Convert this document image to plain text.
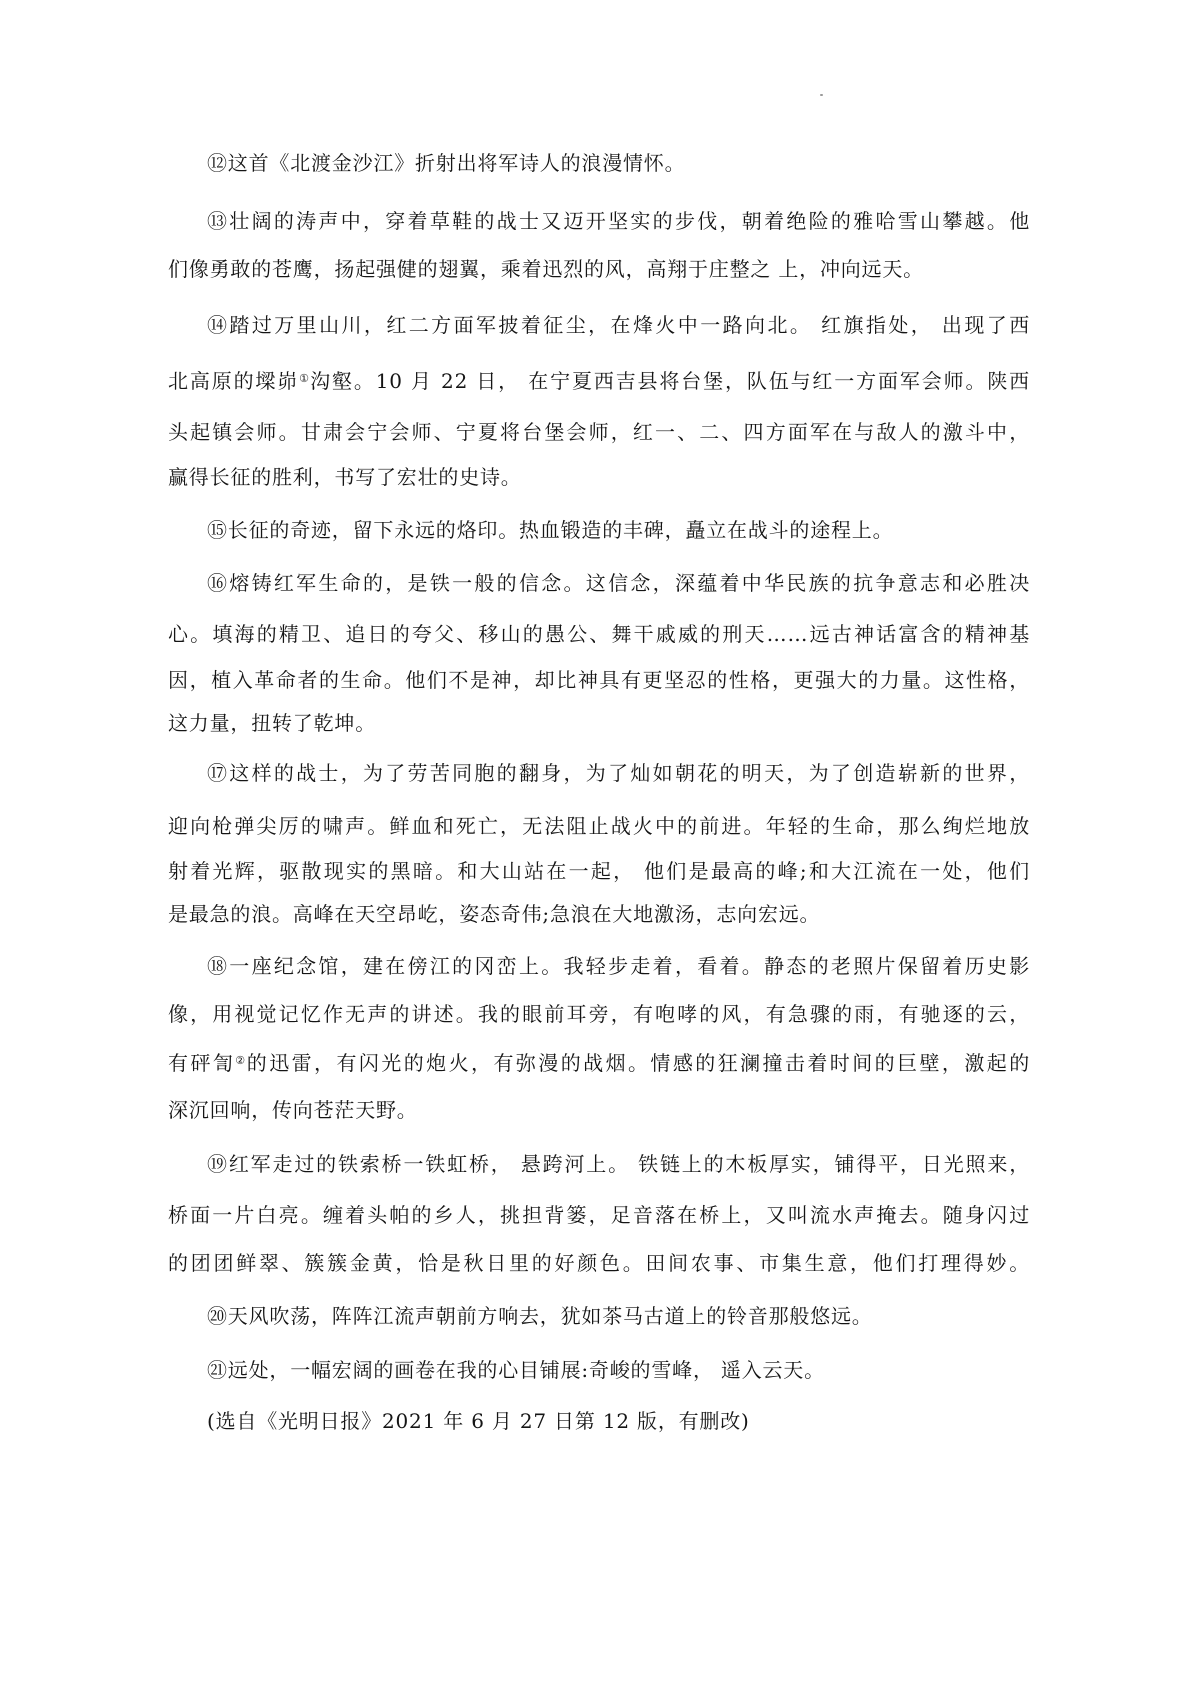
⑫这首《北渡金沙江》折射出将军诗人的浪漫情怀。
⑬壮阔的涛声中，穿着草鞋的战士又迈开坚实的步伐，朝着绝险的雅哈雪山攀越。他
们像勇敢的苍鹰，扬起强健的翅翼，乘着迅烈的风，高翔于庄整之 上，冲向远天。
⑭踏过万里山川，红二方面军披着征尘，在烽火中一路向北。 红旗指处， 出现了西
北高原的墚峁①沟壑。10 月 22 日， 在宁夏西吉县将台堡，队伍与红一方面军会师。陕西
头起镇会师。甘肃会宁会师、宁夏将台堡会师，红一、二、四方面军在与敌人的激斗中，
赢得长征的胜利，书写了宏壮的史诗。
⑮长征的奇迹，留下永远的烙印。热血锻造的丰碑，矗立在战斗的途程上。
⑯熔铸红军生命的，是铁一般的信念。这信念，深蕴着中华民族的抗争意志和必胜决
心。填海的精卫、追日的夸父、移山的愚公、舞干戚威的刑天……远古神话富含的精神基
因，植入革命者的生命。他们不是神，却比神具有更坚忍的性格，更强大的力量。这性格，
这力量，扭转了乾坤。
⑰这样的战士，为了劳苦同胞的翻身，为了灿如朝花的明天，为了创造崭新的世界，
迎向枪弹尖厉的啸声。鲜血和死亡，无法阻止战火中的前进。年轻的生命，那么绚烂地放
射着光辉，驱散现实的黑暗。和大山站在一起， 他们是最高的峰;和大江流在一处，他们
是最急的浪。高峰在天空昂屹，姿态奇伟;急浪在大地激汤，志向宏远。
⑱一座纪念馆，建在傍江的冈峦上。我轻步走着，看着。静态的老照片保留着历史影
像，用视觉记忆作无声的讲述。我的眼前耳旁，有咆哮的风，有急骤的雨，有驰逐的云，
有砰訇②的迅雷，有闪光的炮火，有弥漫的战烟。情感的狂澜撞击着时间的巨壁，激起的
深沉回响，传向苍茫天野。
⑲红军走过的铁索桥一铁虹桥， 悬跨河上。 铁链上的木板厚实，铺得平，日光照来，
桥面一片白亮。缠着头帕的乡人，挑担背篓，足音落在桥上，又叫流水声掩去。随身闪过
的团团鲜翠、簇簇金黄，恰是秋日里的好颜色。田间农事、市集生意，他们打理得妙。
⑳天风吹荡，阵阵江流声朝前方响去，犹如茶马古道上的铃音那般悠远。
㉑远处，一幅宏阔的画卷在我的心目铺展:奇峻的雪峰， 遥入云天。
(选自《光明日报》2021 年 6 月 27 日第 12 版，有删改)
